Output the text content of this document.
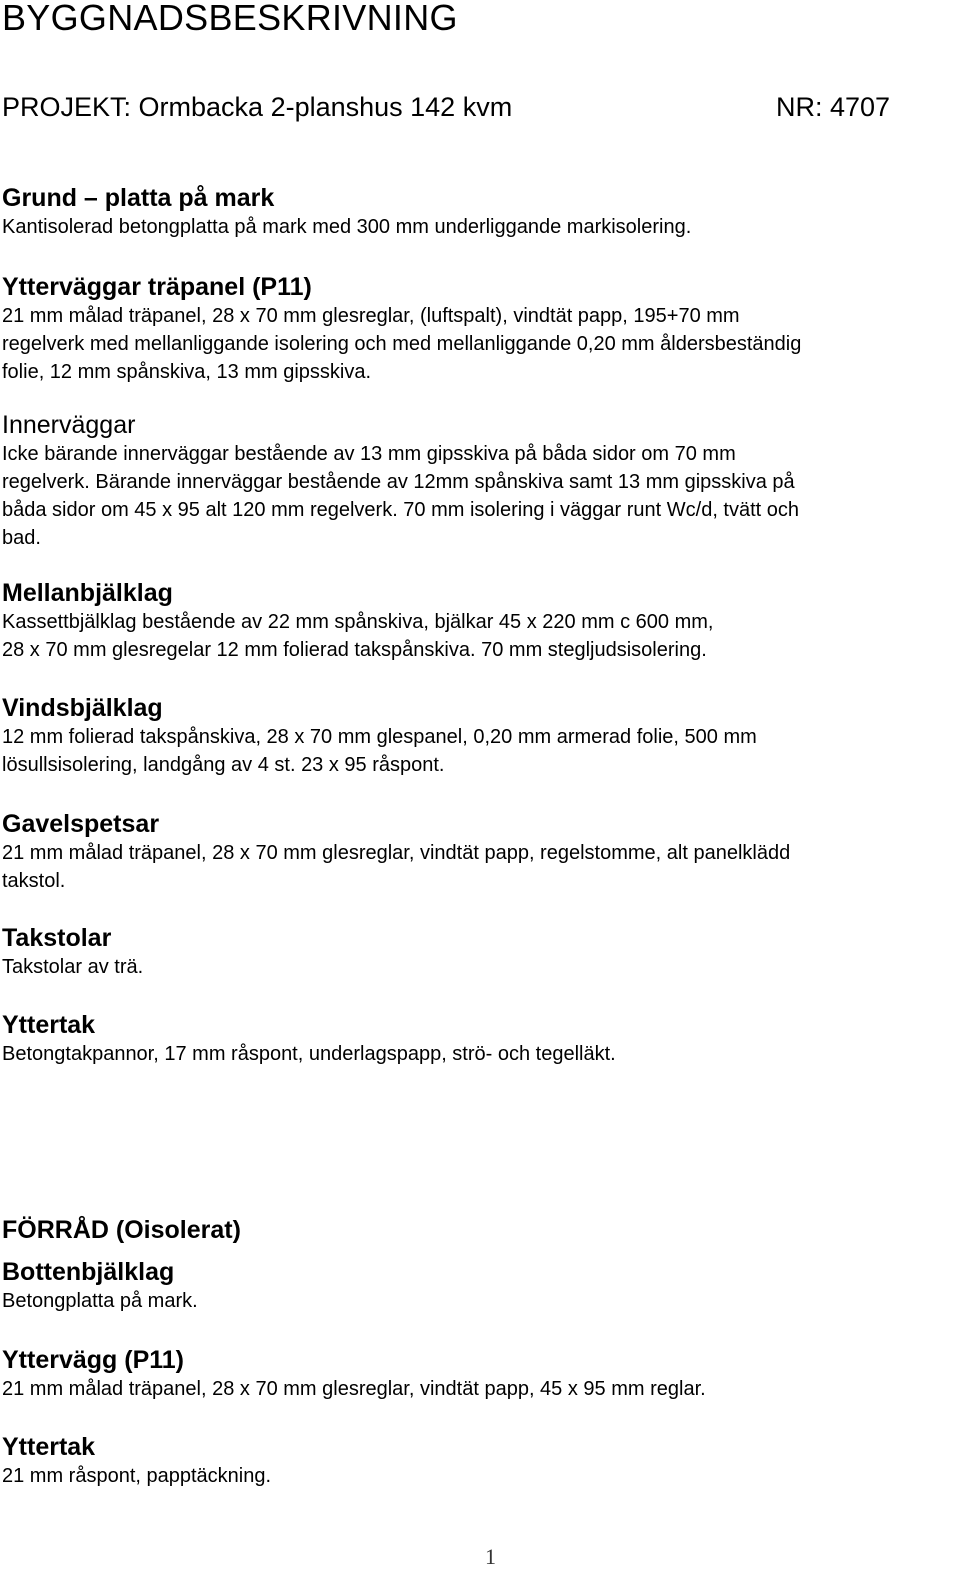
BYGGNADSBESKRIVNING
PROJEKT: Ormbacka 2-planshus 142 kvm	NR: 4707
Grund – platta på mark

Kantisolerad betongplatta på mark med 300 mm underliggande markisolering.

Ytterväggar träpanel (P11)

21 mm målad träpanel, 28 x 70 mm glesreglar, (luftspalt), vindtät papp, 195+70 mm
regelverk med mellanliggande isolering och med mellanliggande 0,20 mm åldersbeständig
folie, 12 mm spånskiva, 13 mm gipsskiva.

Innerväggar

Icke bärande innerväggar bestående av 13 mm gipsskiva på båda sidor om 70 mm
regelverk. Bärande innerväggar bestående av 12mm spånskiva samt 13 mm gipsskiva på
båda sidor om 45 x 95 alt 120 mm regelverk. 70 mm isolering i väggar runt Wc/d, tvätt och
bad.

Mellanbjälklag

Kassettbjälklag bestående av 22 mm spånskiva, bjälkar 45 x 220 mm c 600 mm,
28 x 70 mm glesregelar 12 mm folierad takspånskiva. 70 mm stegljudsisolering.

Vindsbjälklag

12 mm folierad takspånskiva, 28 x 70 mm glespanel, 0,20 mm armerad folie, 500 mm
lösullsisolering, landgång av 4 st. 23 x 95 råspont.

Gavelspetsar

21 mm målad träpanel, 28 x 70 mm glesreglar, vindtät papp, regelstomme, alt panelklädd
takstol.

Takstolar

Takstolar av trä.

Yttertak

Betongtakpannor, 17 mm råspont, underlagspapp, strö- och tegelläkt.

FÖRRÅD (Oisolerat)
Bottenbjälklag

Betongplatta på mark.

Yttervägg (P11)

21 mm målad träpanel, 28 x 70 mm glesreglar, vindtät papp, 45 x 95 mm reglar.

Yttertak

21 mm råspont, papptäckning.

1
